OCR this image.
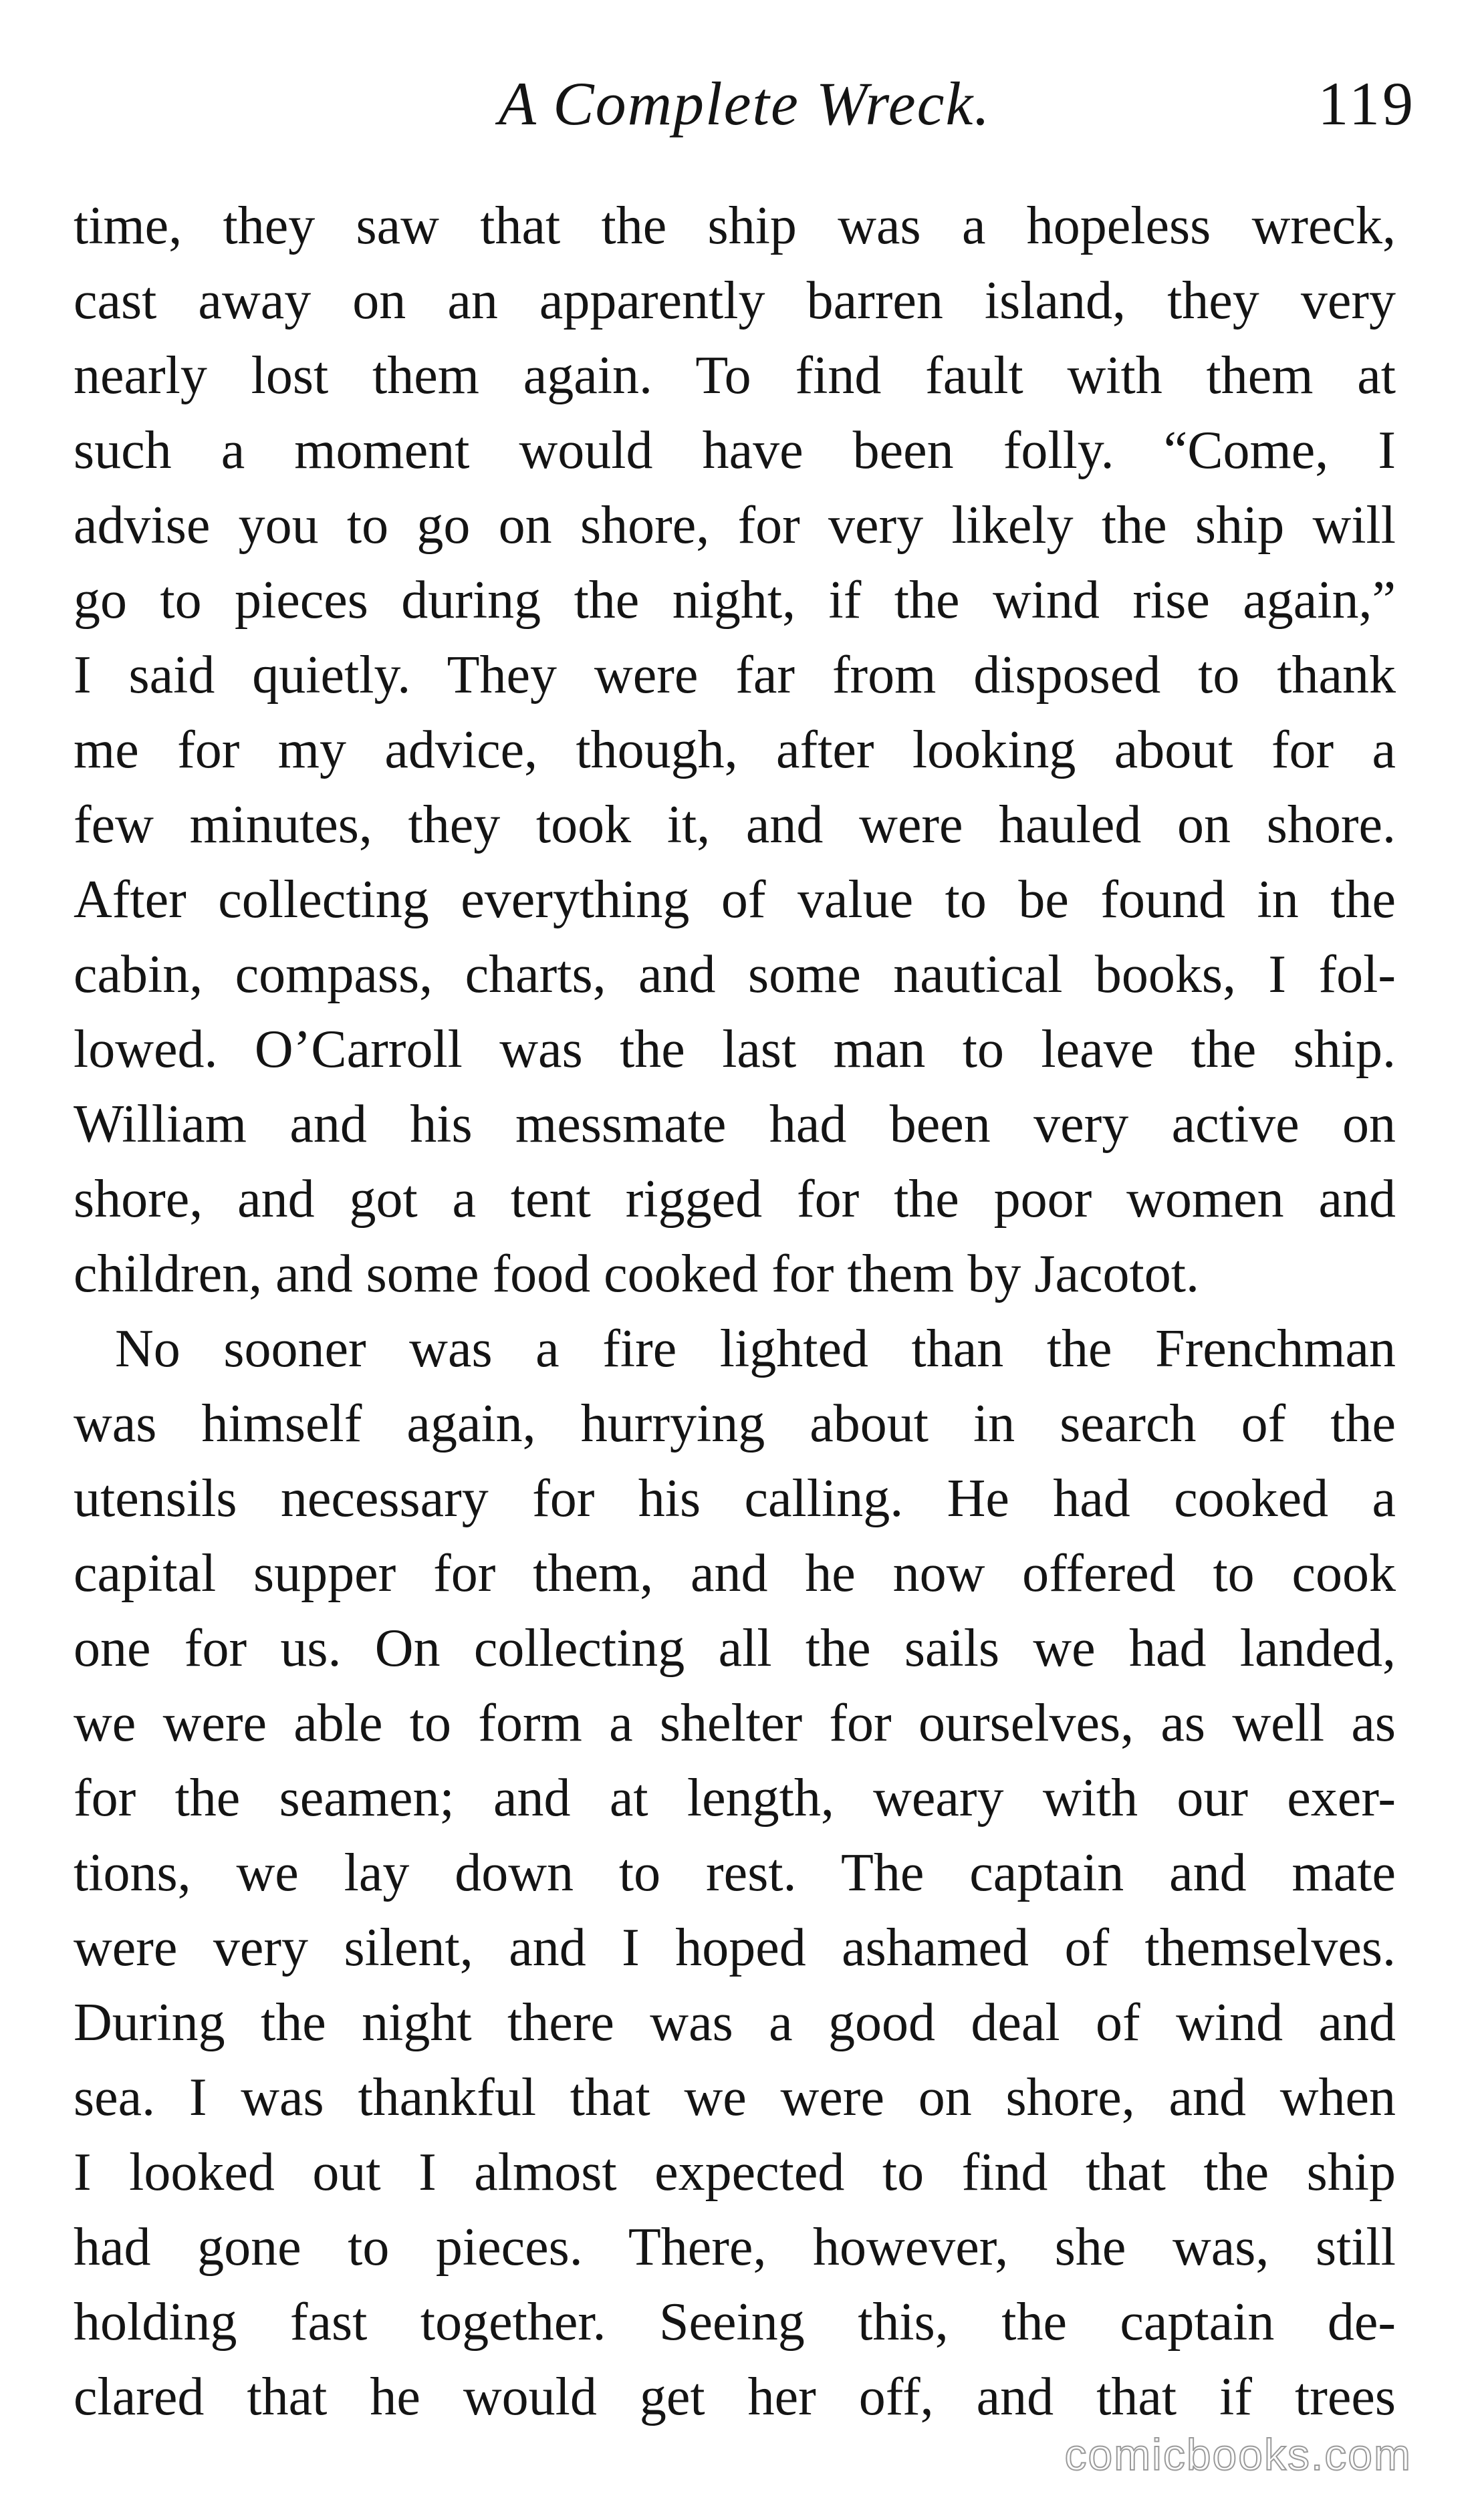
A Complete Wreck.	119
time, they saw that the ship was a hopeless wreck,
cast away on an apparently barren island, they very
nearly lost them again. To find fault with them at
such a moment would have been folly. “Come, I
advise you to go on shore, for very likely the ship will
go to pieces during the night, if the wind rise again,”
I said quietly. They were far from disposed to thank
me for my advice, though, after looking about for a
few minutes, they took it, and were hauled on shore.
After collecting everything of value to be found in the
cabin, compass, charts, and some nautical books, I fol-
lowed. O’Carroll was the last man to leave the ship.
William and his messmate had been very active on
shore, and got a tent rigged for the poor women and
children, and some food cooked for them by Jacotot.
No sooner was a fire lighted than the Frenchman
was himself again, hurrying about in search of the
utensils necessary for his calling. He had cooked a
capital supper for them, and he now offered to cook
one for us. On collecting all the sails we had landed,
we were able to form a shelter for ourselves, as well as
for the seamen; and at length, weary with our exer-
tions, we lay down to rest. The captain and mate
were very silent, and I hoped ashamed of themselves.
During the night there was a good deal of wind and
sea. I was thankful that we were on shore, and when
I looked out I almost expected to find that the ship
had gone to pieces. There, however, she was, still
holding fast together. Seeing this, the captain de-
clared that he would get her off, and that if trees
comicbooks.com
